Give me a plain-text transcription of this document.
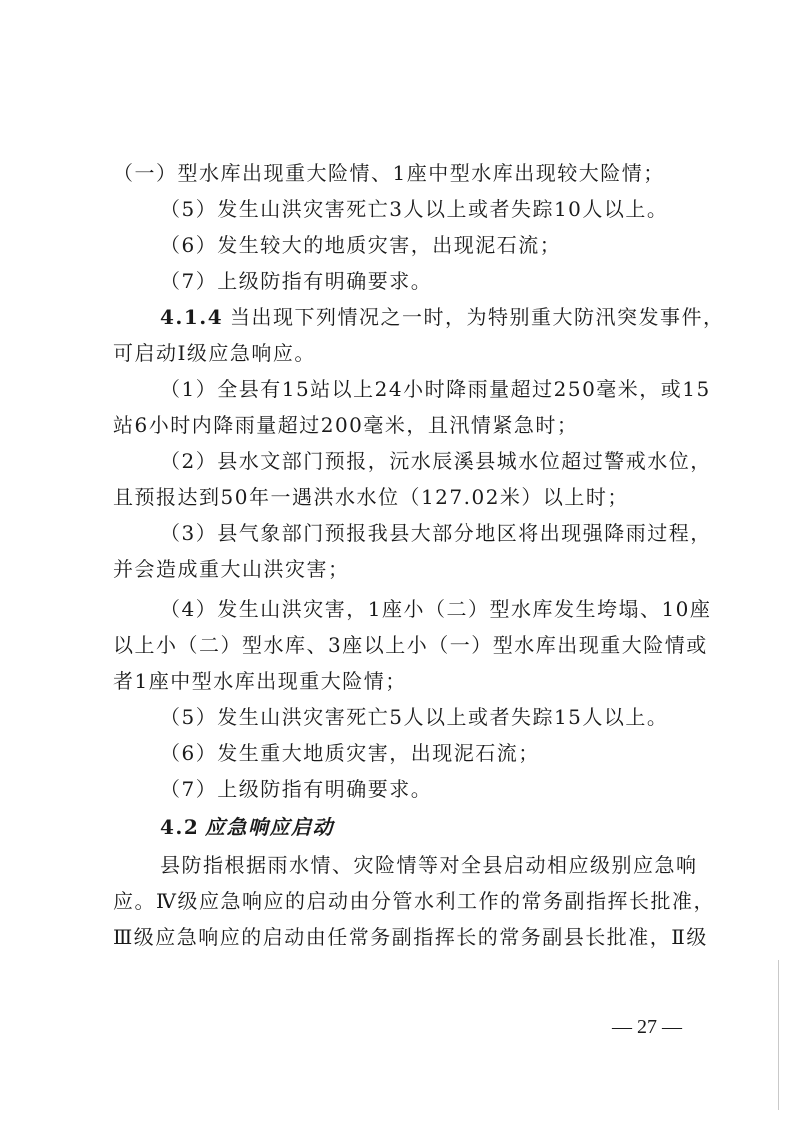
（一）型水库出现重大险情、1座中型水库出现较大险情；
（5）发生山洪灾害死亡3人以上或者失踪10人以上。
（6）发生较大的地质灾害，出现泥石流；
（7）上级防指有明确要求。
4.1.4 当出现下列情况之一时，为特别重大防汛突发事件，
可启动Ⅰ级应急响应。
（1）全县有15站以上24小时降雨量超过250毫米，或15
站6小时内降雨量超过200毫米，且汛情紧急时；
（2）县水文部门预报，沅水辰溪县城水位超过警戒水位，
且预报达到50年一遇洪水水位（127.02米）以上时；
（3）县气象部门预报我县大部分地区将出现强降雨过程，
并会造成重大山洪灾害；
（4）发生山洪灾害，1座小（二）型水库发生垮塌、10座
以上小（二）型水库、3座以上小（一）型水库出现重大险情或
者1座中型水库出现重大险情；
（5）发生山洪灾害死亡5人以上或者失踪15人以上。
（6）发生重大地质灾害，出现泥石流；
（7）上级防指有明确要求。
4.2 应急响应启动
县防指根据雨水情、灾险情等对全县启动相应级别应急响
应。Ⅳ级应急响应的启动由分管水利工作的常务副指挥长批准，
Ⅲ级应急响应的启动由任常务副指挥长的常务副县长批准，Ⅱ级
— 27 —
